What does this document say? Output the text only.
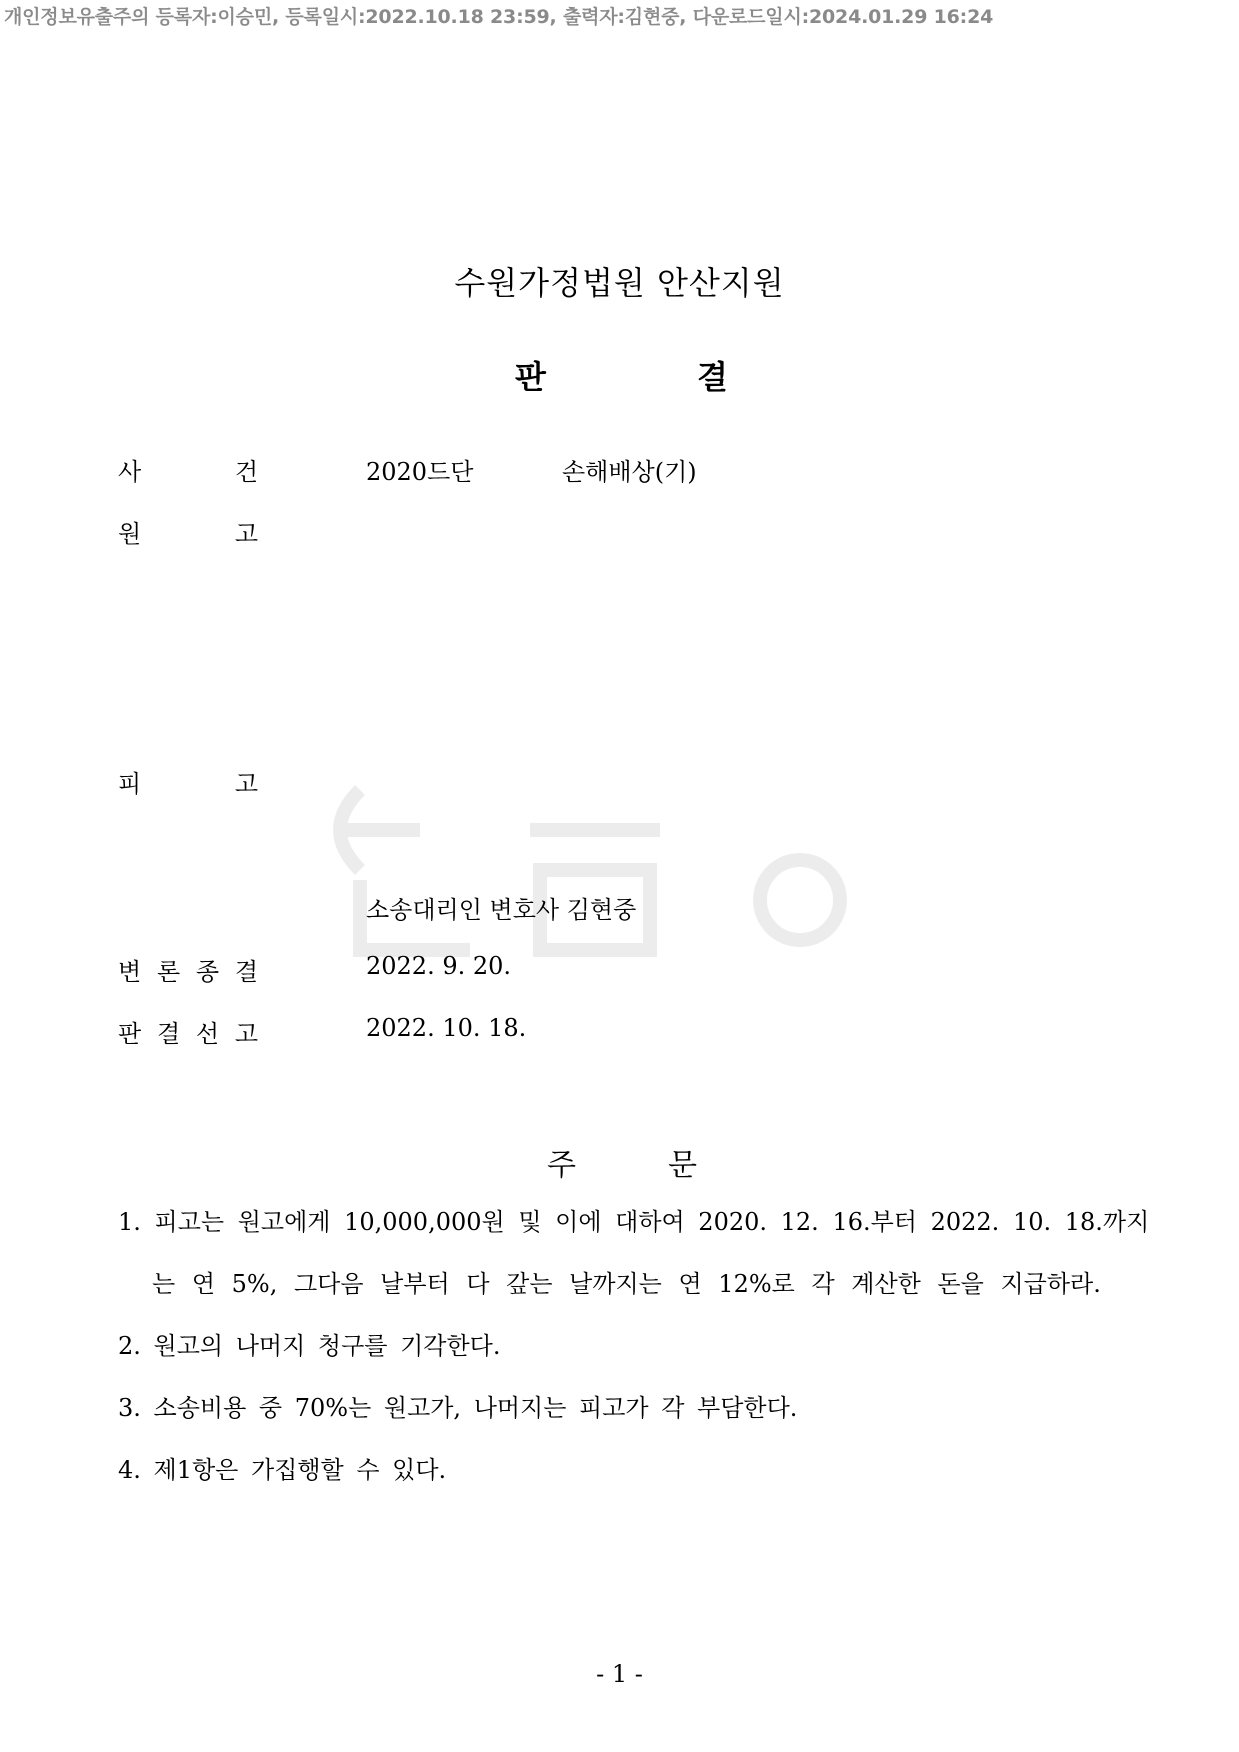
개인정보유출주의 등록자:이승민, 등록일시:2022.10.18 23:59, 출력자:김현중, 다운로드일시:2024.01.29 16:24
수원가정법원 안산지원
판	결
사	건	2020드단	손해배상(기)
원	고
피	고
소송대리인 변호사 김현중
변 론 종 결	2022. 9. 20.
판 결 선 고	2022. 10. 18.
주	문
1. 피고는 원고에게 10,000,000원 및 이에 대하여 2020. 12. 16.부터 2022. 10. 18.까지
는 연 5%, 그다음 날부터 다 갚는 날까지는 연 12%로 각 계산한 돈을 지급하라.
2. 원고의 나머지 청구를 기각한다.
3. 소송비용 중 70%는 원고가, 나머지는 피고가 각 부담한다.
4. 제1항은 가집행할 수 있다.
- 1 -
